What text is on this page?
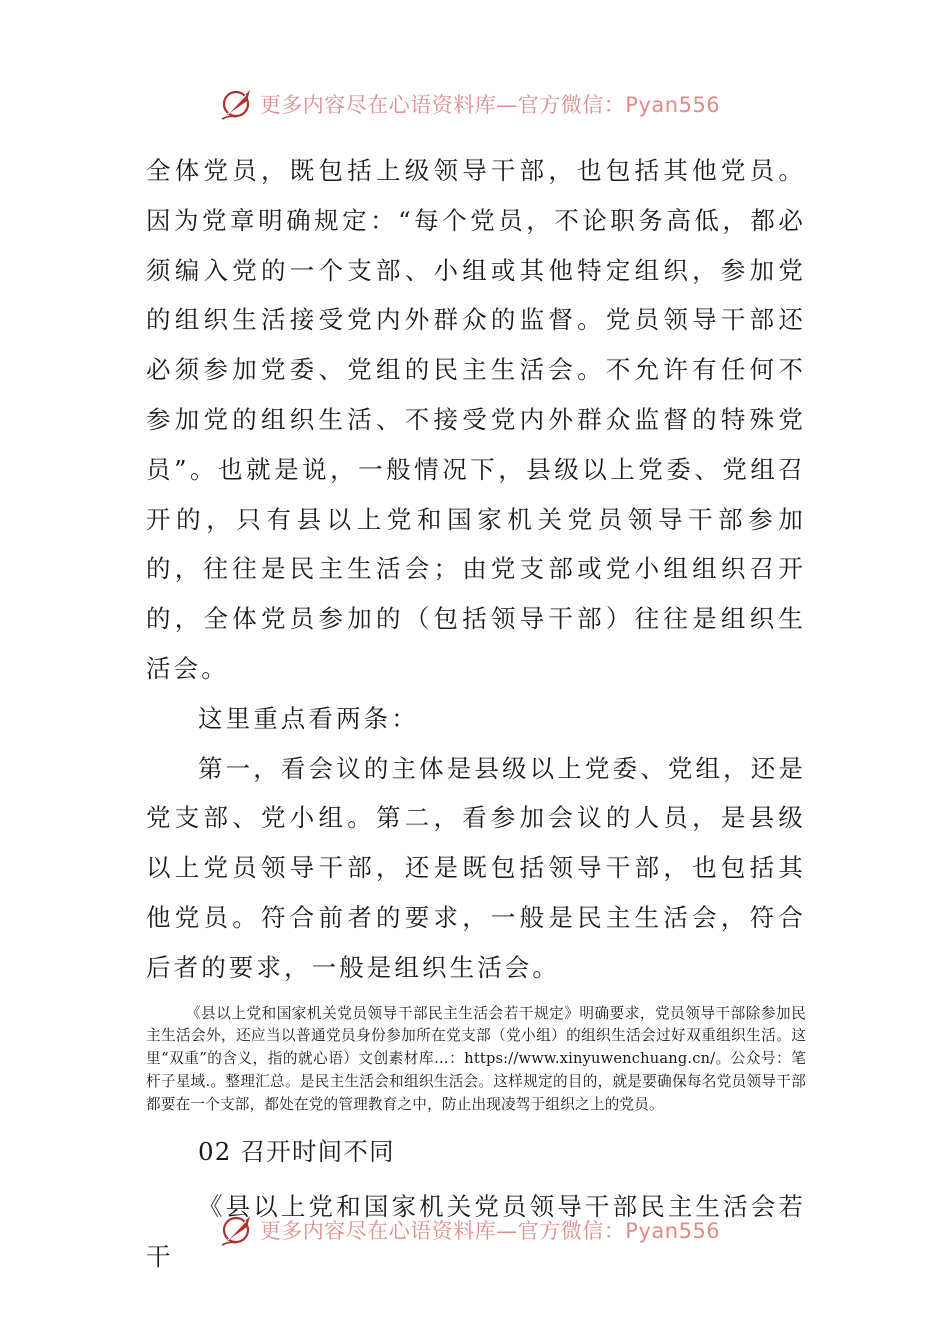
更多内容尽在心语资料库—官方微信：Pyan556

全体党员，既包括上级领导干部，也包括其他党员。因为党章明确规定：“每个党员，不论职务高低，都必须编入党的一个支部、小组或其他特定组织，参加党的组织生活接受党内外群众的监督。党员领导干部还必须参加党委、党组的民主生活会。不允许有任何不参加党的组织生活、不接受党内外群众监督的特殊党员”。也就是说，一般情况下，县级以上党委、党组召开的，只有县以上党和国家机关党员领导干部参加的，往往是民主生活会；由党支部或党小组组织召开的，全体党员参加的（包括领导干部）往往是组织生活会。

这里重点看两条：

第一，看会议的主体是县级以上党委、党组，还是党支部、党小组。第二，看参加会议的人员，是县级以上党员领导干部，还是既包括领导干部，也包括其他党员。符合前者的要求，一般是民主生活会，符合后者的要求，一般是组织生活会。

《县以上党和国家机关党员领导干部民主生活会若干规定》明确要求，党员领导干部除参加民主生活会外，还应当以普通党员身份参加所在党支部（党小组）的组织生活会过好双重组织生活。这里“双重”的含义，指的就心语）文创素材库…：https://www.xinyuwenchuang.cn/。公众号：笔杆子星域.。整理汇总。是民主生活会和组织生活会。这样规定的目的，就是要确保每名党员领导干部都要在一个支部，都处在党的管理教育之中，防止出现凌驾于组织之上的党员。

02 召开时间不同

《县以上党和国家机关党员领导干部民主生活会若干

更多内容尽在心语资料库—官方微信：Pyan556
